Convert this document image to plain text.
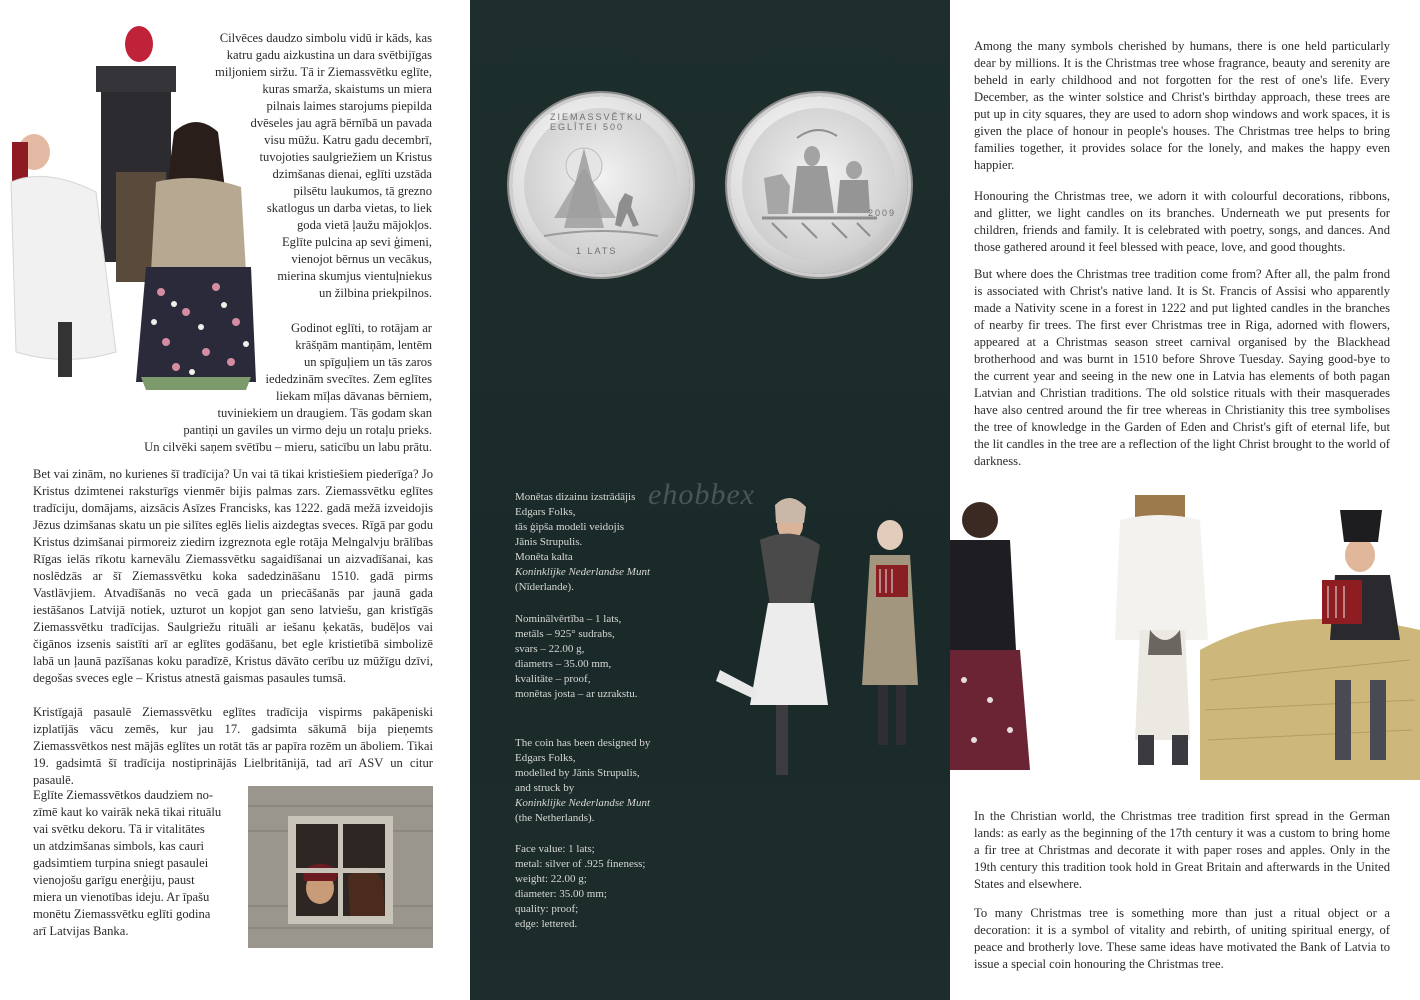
Cilvēces daudzo simbolu vidū ir kāds, kas
katru gadu aizkustina un dara svētbijīgas
miljoniem siržu. Tā ir Ziemassvētku eglīte,
kuras smarža, skaistums un miera
pilnais laimes starojums piepilda
dvēseles jau agrā bērnībā un pavada
visu mūžu. Katru gadu decembrī,
tuvojoties saulgriežiem un Kristus
dzimšanas dienai, eglīti uzstāda
pilsētu laukumos, tā grezno
skatlogus un darba vietas, to liek
goda vietā ļaužu mājokļos.
Eglīte pulcina ap sevi ģimeni,
vienojot bērnus un vecākus,
mierina skumjus vientuļniekus
un žilbina priekpilnos.
Godinot eglīti, to rotājam ar
krāšņām mantiņām, lentēm
un spīguļiem un tās zaros
iededzinām svecītes. Zem eglītes
liekam mīļas dāvanas bērniem,
tuviniekiem un draugiem. Tās godam skan
pantiņi un gaviles un virmo deju un rotaļu prieks.
Un cilvēki saņem svētību – mieru, saticību un labu prātu.

Bet vai zinām, no kurienes šī tradīcija? Un vai tā tikai kristiešiem piederīga? Jo Kristus dzimtenei raksturīgs vienmēr bijis palmas zars. Ziemassvētku eglītes tradīciju, domājams, aizsācis Asīzes Francisks, kas 1222. gadā mežā izveidojis Jēzus dzimšanas skatu un pie silītes eglēs lielis aizdegtas sveces. Rīgā par godu Kristus dzimšanai pirmoreiz ziedirn izgreznota egle rotāja Melngalvju brālības Rīgas ielās rīkotu karnevālu Ziemassvētku sagaidīšanai un aizvadīšanai, kas noslēdzās ar šī Ziemassvētku koka sadedzināšanu 1510. gadā pirms Vastlāvjiem. Atvadīšanās no vecā gada un priecāšanās par jaunā gada iestāšanos Latvijā notiek, uzturot un kopjot gan seno latviešu, gan kristīgās Ziemassvētku tradīcijas. Saulgriežu rituāli ar iešanu ķekatās, budēļos vai čigānos izsenis saistīti arī ar eglītes godāšanu, bet egle kristietībā simbolizē labā un ļaunā pazīšanas koku paradīzē, Kristus dāvāto cerību uz mūžīgu dzīvi, degošas sveces egle – Kristus atnestā gaismas pasaules tumsā.

Kristīgajā pasaulē Ziemassvētku eglītes tradīcija vispirms pakāpeniski izplatījās vācu zemēs, kur jau 17. gadsimta sākumā bija pieņemts Ziemassvētkos nest mājās eglītes un rotāt tās ar papīra rozēm un āboliem. Tikai 19. gadsimtā šī tradīcija nostiprinājās Lielbritānijā, tad arī ASV un citur pasaulē.

Eglīte Ziemassvētkos daudziem no-
zīmē kaut ko vairāk nekā tikai rituālu
vai svētku dekoru. Tā ir vitalitātes
un atdzimšanas simbols, kas cauri
gadsimtiem turpina sniegt pasaulei
vienojošu garīgu enerģiju, paust
miera un vienotības ideju. Ar īpašu
monētu Ziemassvētku eglīti godina
arī Latvijas Banka.
ZIEMASSVĒTKU EGLĪTEI 500
1 LATS
2009
ehobbex
Monētas dizainu izstrādājis
Edgars Folks,
tās ģipša modeli veidojis
Jānis Strupulis.
Monēta kalta
Koninklijke Nederlandse Munt
(Nīderlande).
Nominālvērtība – 1 lats,
metāls – 925° sudrabs,
svars – 22.00 g,
diametrs – 35.00 mm,
kvalitāte – proof,
monētas josta – ar uzrakstu.
The coin has been designed by
Edgars Folks,
modelled by Jānis Strupulis,
and struck by
Koninklijke Nederlandse Munt
(the Netherlands).
Face value: 1 lats;
metal: silver of .925 fineness;
weight: 22.00 g;
diameter: 35.00 mm;
quality: proof;
edge: lettered.

Among the many symbols cherished by humans, there is one held particularly dear by millions. It is the Christmas tree whose fragrance, beauty and serenity are beheld in early childhood and not forgotten for the rest of one's life. Every December, as the winter solstice and Christ's birthday approach, these trees are put up in city squares, they are used to adorn shop windows and work spaces, it is given the place of honour in people's houses. The Christmas tree helps to bring families together, it provides solace for the lonely, and makes the happy even happier.

Honouring the Christmas tree, we adorn it with colourful decorations, ribbons, and glitter, we light candles on its branches. Underneath we put presents for children, friends and family. It is celebrated with poetry, songs, and dances. And those gathered around it feel blessed with peace, love, and good thoughts.

But where does the Christmas tree tradition come from? After all, the palm frond is associated with Christ's native land. It is St. Francis of Assisi who apparently made a Nativity scene in a forest in 1222 and put lighted candles in the branches of nearby fir trees. The first ever Christmas tree in Riga, adorned with flowers, appeared at a Christmas season street carnival organised by the Blackhead brotherhood and was burnt in 1510 before Shrove Tuesday. Saying good-bye to the current year and seeing in the new one in Latvia has elements of both pagan Latvian and Christian traditions. The old solstice rituals with their masquerades have also centred around the fir tree whereas in Christianity this tree symbolises the tree of knowledge in the Garden of Eden and Christ's gift of eternal life, but the lit candles in the tree are a reflection of the light Christ brought to the world of darkness.

In the Christian world, the Christmas tree tradition first spread in the German lands: as early as the beginning of the 17th century it was a custom to bring home a fir tree at Christmas and decorate it with paper roses and apples. Only in the 19th century this tradition took hold in Great Britain and afterwards in the United States and elsewhere.

To many Christmas tree is something more than just a ritual object or a decoration: it is a symbol of vitality and rebirth, of uniting spiritual energy, of peace and brotherly love. These same ideas have motivated the Bank of Latvia to issue a special coin honouring the Christmas tree.
